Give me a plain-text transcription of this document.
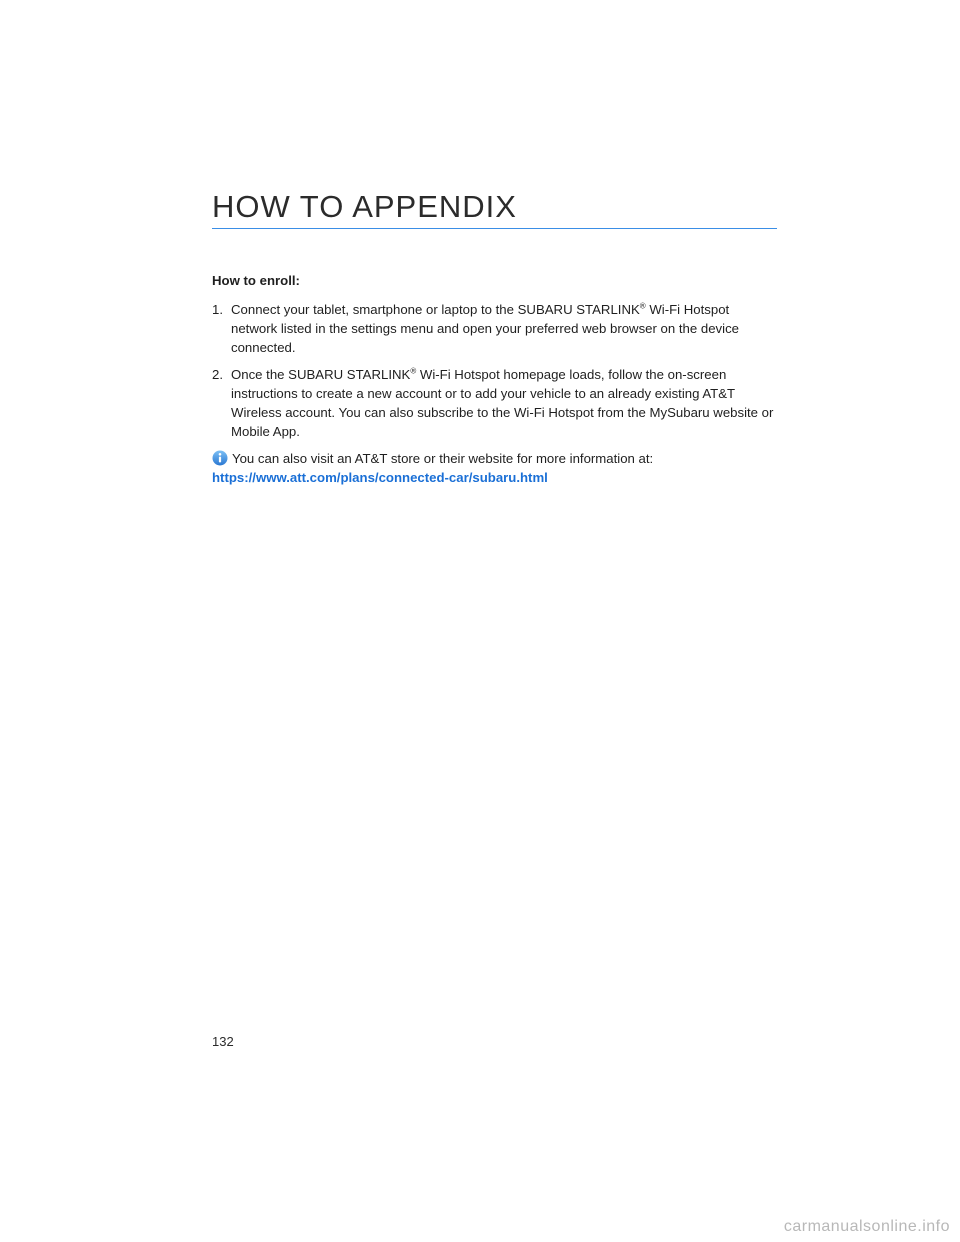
HOW TO APPENDIX

How to enroll:

1. Connect your tablet, smartphone or laptop to the SUBARU STARLINK® Wi-Fi Hotspot network listed in the settings menu and open your preferred web browser on the device connected.
2. Once the SUBARU STARLINK® Wi-Fi Hotspot homepage loads, follow the on-screen instructions to create a new account or to add your vehicle to an already existing AT&T Wireless account. You can also subscribe to the Wi-Fi Hotspot from the MySubaru website or Mobile App.
You can also visit an AT&T store or their website for more information at:
https://www.att.com/plans/connected-car/subaru.html
132
carmanualsonline.info
